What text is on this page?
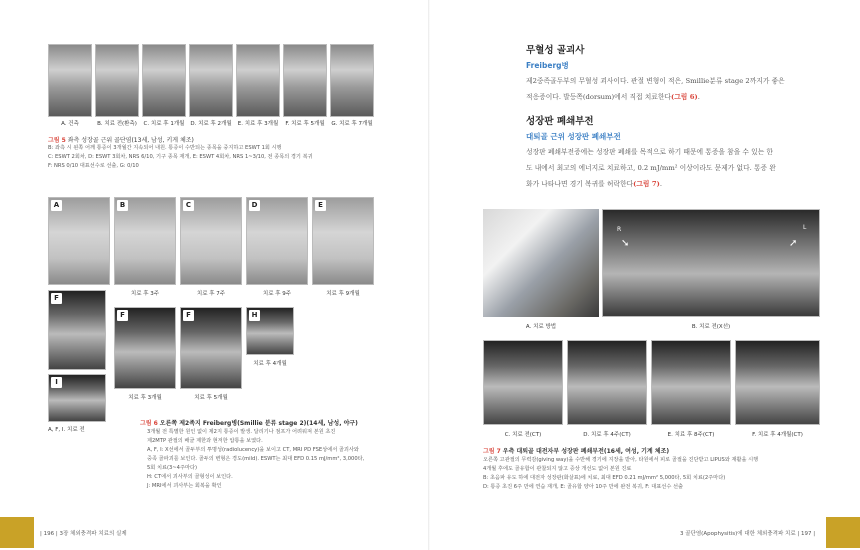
A. 건측	B. 치료 전(환측)	C. 치료 후 1개월 D. 치료 후 2개월	E. 치료 후 3개월	F. 치료 후 5개월	G. 치료 후 7개월
그림 5 좌측 성장골 근위 골단염(13세, 남성, 키게 체조)
B: 좌측 시 왼쪽 어깨 통증이 3개월간 지속되어 내원. 통증이 수반되는 종목을 중지하고 ESWT 1회 시행
C: ESWT 2회차, D: ESWT 3회차, NRS 6/10, 기구 종목 재개, E: ESWT 4회차, NRS 1~3/10, 전 종목의 경기 복귀
F: NRS 0/10 대표선수로 선출, G: 0/10
A	B	C	D	E
치료 후 3주	치료 후 7주	치료 후 9주	치료 후 9개월
F
I
A, F, I. 치료 전
F	F	H
치료 후 4개월
치료 후 3개월	치료 후 5개월
그림 6 오른쪽 제2족지 Freiberg병(Smillie 분류 stage 2)(14세, 남성, 야구)
3개월 전 특별한 원인 없이 제2지 통증이 발생. 달리기나 점프가 어려워져 본원 초진
제2MTP 관절의 배굴 제한과 현저한 압통을 보였다.
A, F, I: X선에서 골두부의 투명성(radiolucency)을 보이고 CT, MRI PD FSE상에서 골괴사와
중족 골파괴를 보인다. 골두의 변형은 경도(mild). ESWT는 최대 EFD 0.15 mJ/mm², 3,000타,
5회 치료(3~4주마다)
H: CT에서 괴사부의 골형성이 보인다.
J: MRI에서 괴사부는 회복을 확인
| 196 | 3장 체외충격파 치료의 실제
무혈성 골괴사
Freiberg병
제2중족골두부의 무혈성 괴사이다. 관절 변형이 적은, Smillie분류 stage 2까지가 좋은
적응증이다. 발등쪽(dorsum)에서 직접 치료한다(그림 6).
성장판 폐쇄부전
대퇴골 근위 성장판 폐쇄부전
성장판 폐쇄부전증에는 성장판 폐쇄를 목적으로 하기 때문에 통증을 참을 수 있는 한
도 내에서 최고의 에너지로 치료하고, 0.2 mJ/mm² 이상이라도 문제가 없다. 통증 완
화가 나타나면 경기 복귀를 허락한다(그림 7).
R	L
➘	➚
A. 치료 방법	B. 치료 전(X선)
C. 치료 전(CT)	D. 치료 후 4주(CT)	E. 치료 후 8주(CT)	F. 치료 후 4개월(CT)
그림 7 우측 대퇴골 대전자부 성장판 폐쇄부전(16세, 여성, 기계 체조)
오른쪽 고관절의 무력감(giving way)을 수반해 경기에 지장을 받아, 타원에서 피로 골절을 진단받고 LIPUS와 재활을 시행
4개월 후에도 골유합이 관찰되지 않고 증상 개선도 없어 본원 진료
B: 초음파 유도 하에 대전자 성장판(화살표)에 치료, 최대 EFD 0.21 mJ/mm² 5,000타, 5회 치료(2주마다)
D: 통증 초진 6주 만에 연습 재개, E: 골유합 양아 10주 만에 완전 복귀, F: 대표선수 선출
3 골단염(Apophysitis)에 대한 체외충격파 치료 | 197 |
